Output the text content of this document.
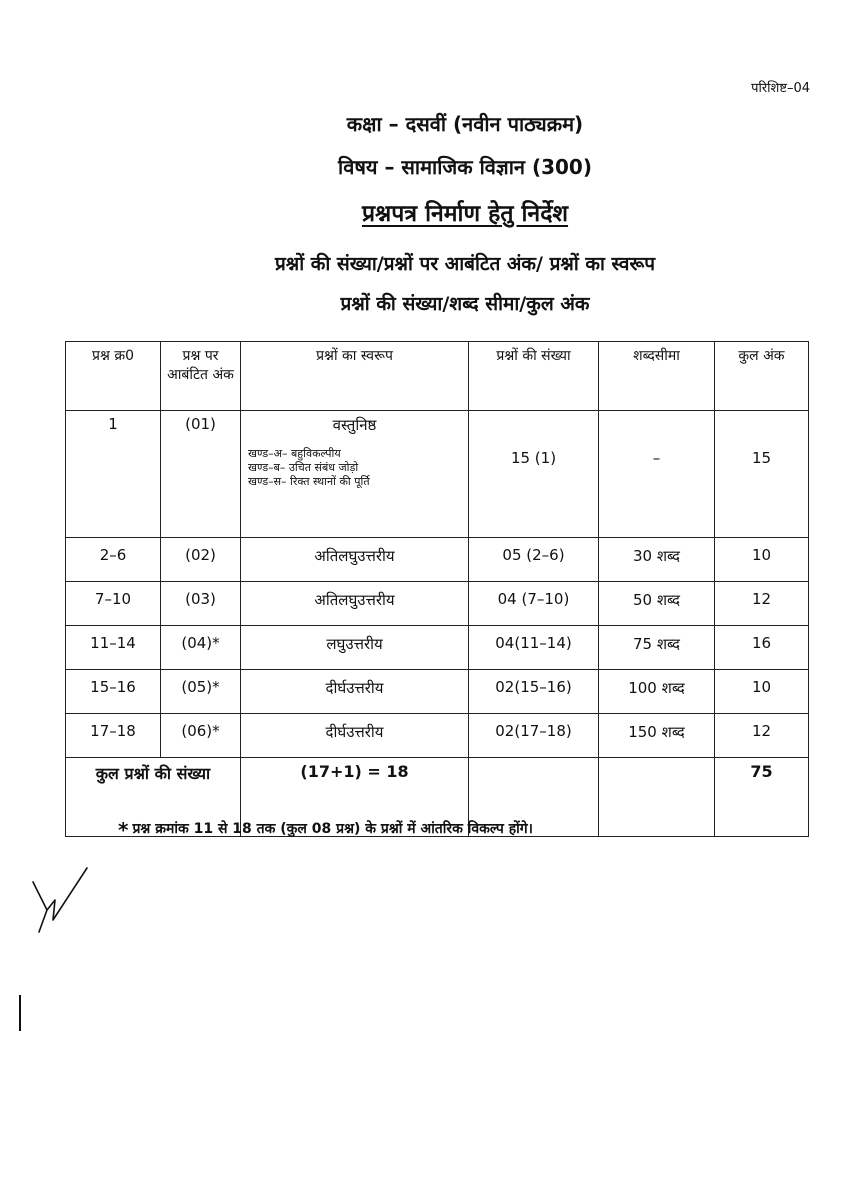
परिशिष्ट–04
कक्षा – दसवीं (नवीन पाठ्यक्रम)
विषय – सामाजिक विज्ञान (300)
प्रश्नपत्र निर्माण हेतु निर्देश
प्रश्नों की संख्या/प्रश्नों पर आबंटित अंक/ प्रश्नों का स्वरूप
प्रश्नों की संख्या/शब्द सीमा/कुल अंक
प्रश्न क्र0	प्रश्न पर आबंटित अंक	प्रश्नों का स्वरूप	प्रश्नों की संख्या	शब्दसीमा	कुल अंक
1	(01)	वस्तुनिष्ठ
खण्ड–अ– बहुविकल्पीय
खण्ड–ब– उचित संबंध जोड़ो
खण्ड–स– रिक्त स्थानों की पूर्ति	15 (1)	–	15
2–6	(02)	अतिलघुउत्तरीय	05 (2–6)	30 शब्द	10
7–10	(03)	अतिलघुउत्तरीय	04 (7–10)	50 शब्द	12
11–14	(04)*	लघुउत्तरीय	04(11–14)	75 शब्द	16
15–16	(05)*	दीर्घउत्तरीय	02(15–16)	100 शब्द	10
17–18	(06)*	दीर्घउत्तरीय	02(17–18)	150 शब्द	12
कुल प्रश्नों की संख्या		(17+1) = 18			75
* प्रश्न क्रमांक 11 से 18 तक (कुल 08 प्रश्न) के प्रश्नों में आंतरिक विकल्प होंगे।
